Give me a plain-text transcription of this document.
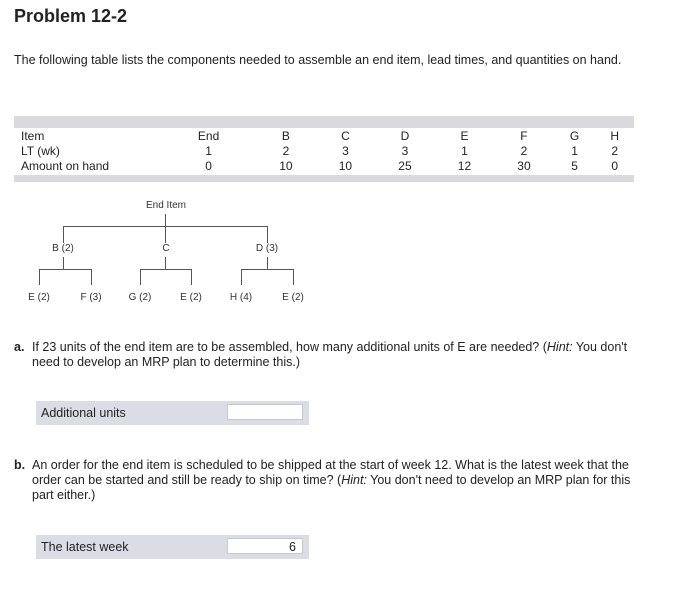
Problem 12-2
The following table lists the components needed to assemble an end item, lead times, and quantities on hand.
Item	End	B	C	D	E	F	G	H
LT (wk)	1	2	3	3	1	2	1	2
Amount on hand	0	10	10	25	12	30	5	0
End Item
B (2)	C	D (3)
E (2)	F (3)	G (2)	E (2)	H (4)	E (2)
a. If 23 units of the end item are to be assembled, how many additional units of E are needed? (Hint: You don't need to develop an MRP plan to determine this.)
Additional units
b. An order for the end item is scheduled to be shipped at the start of week 12. What is the latest week that the order can be started and still be ready to ship on time? (Hint: You don't need to develop an MRP plan for this part either.)
The latest week	6
